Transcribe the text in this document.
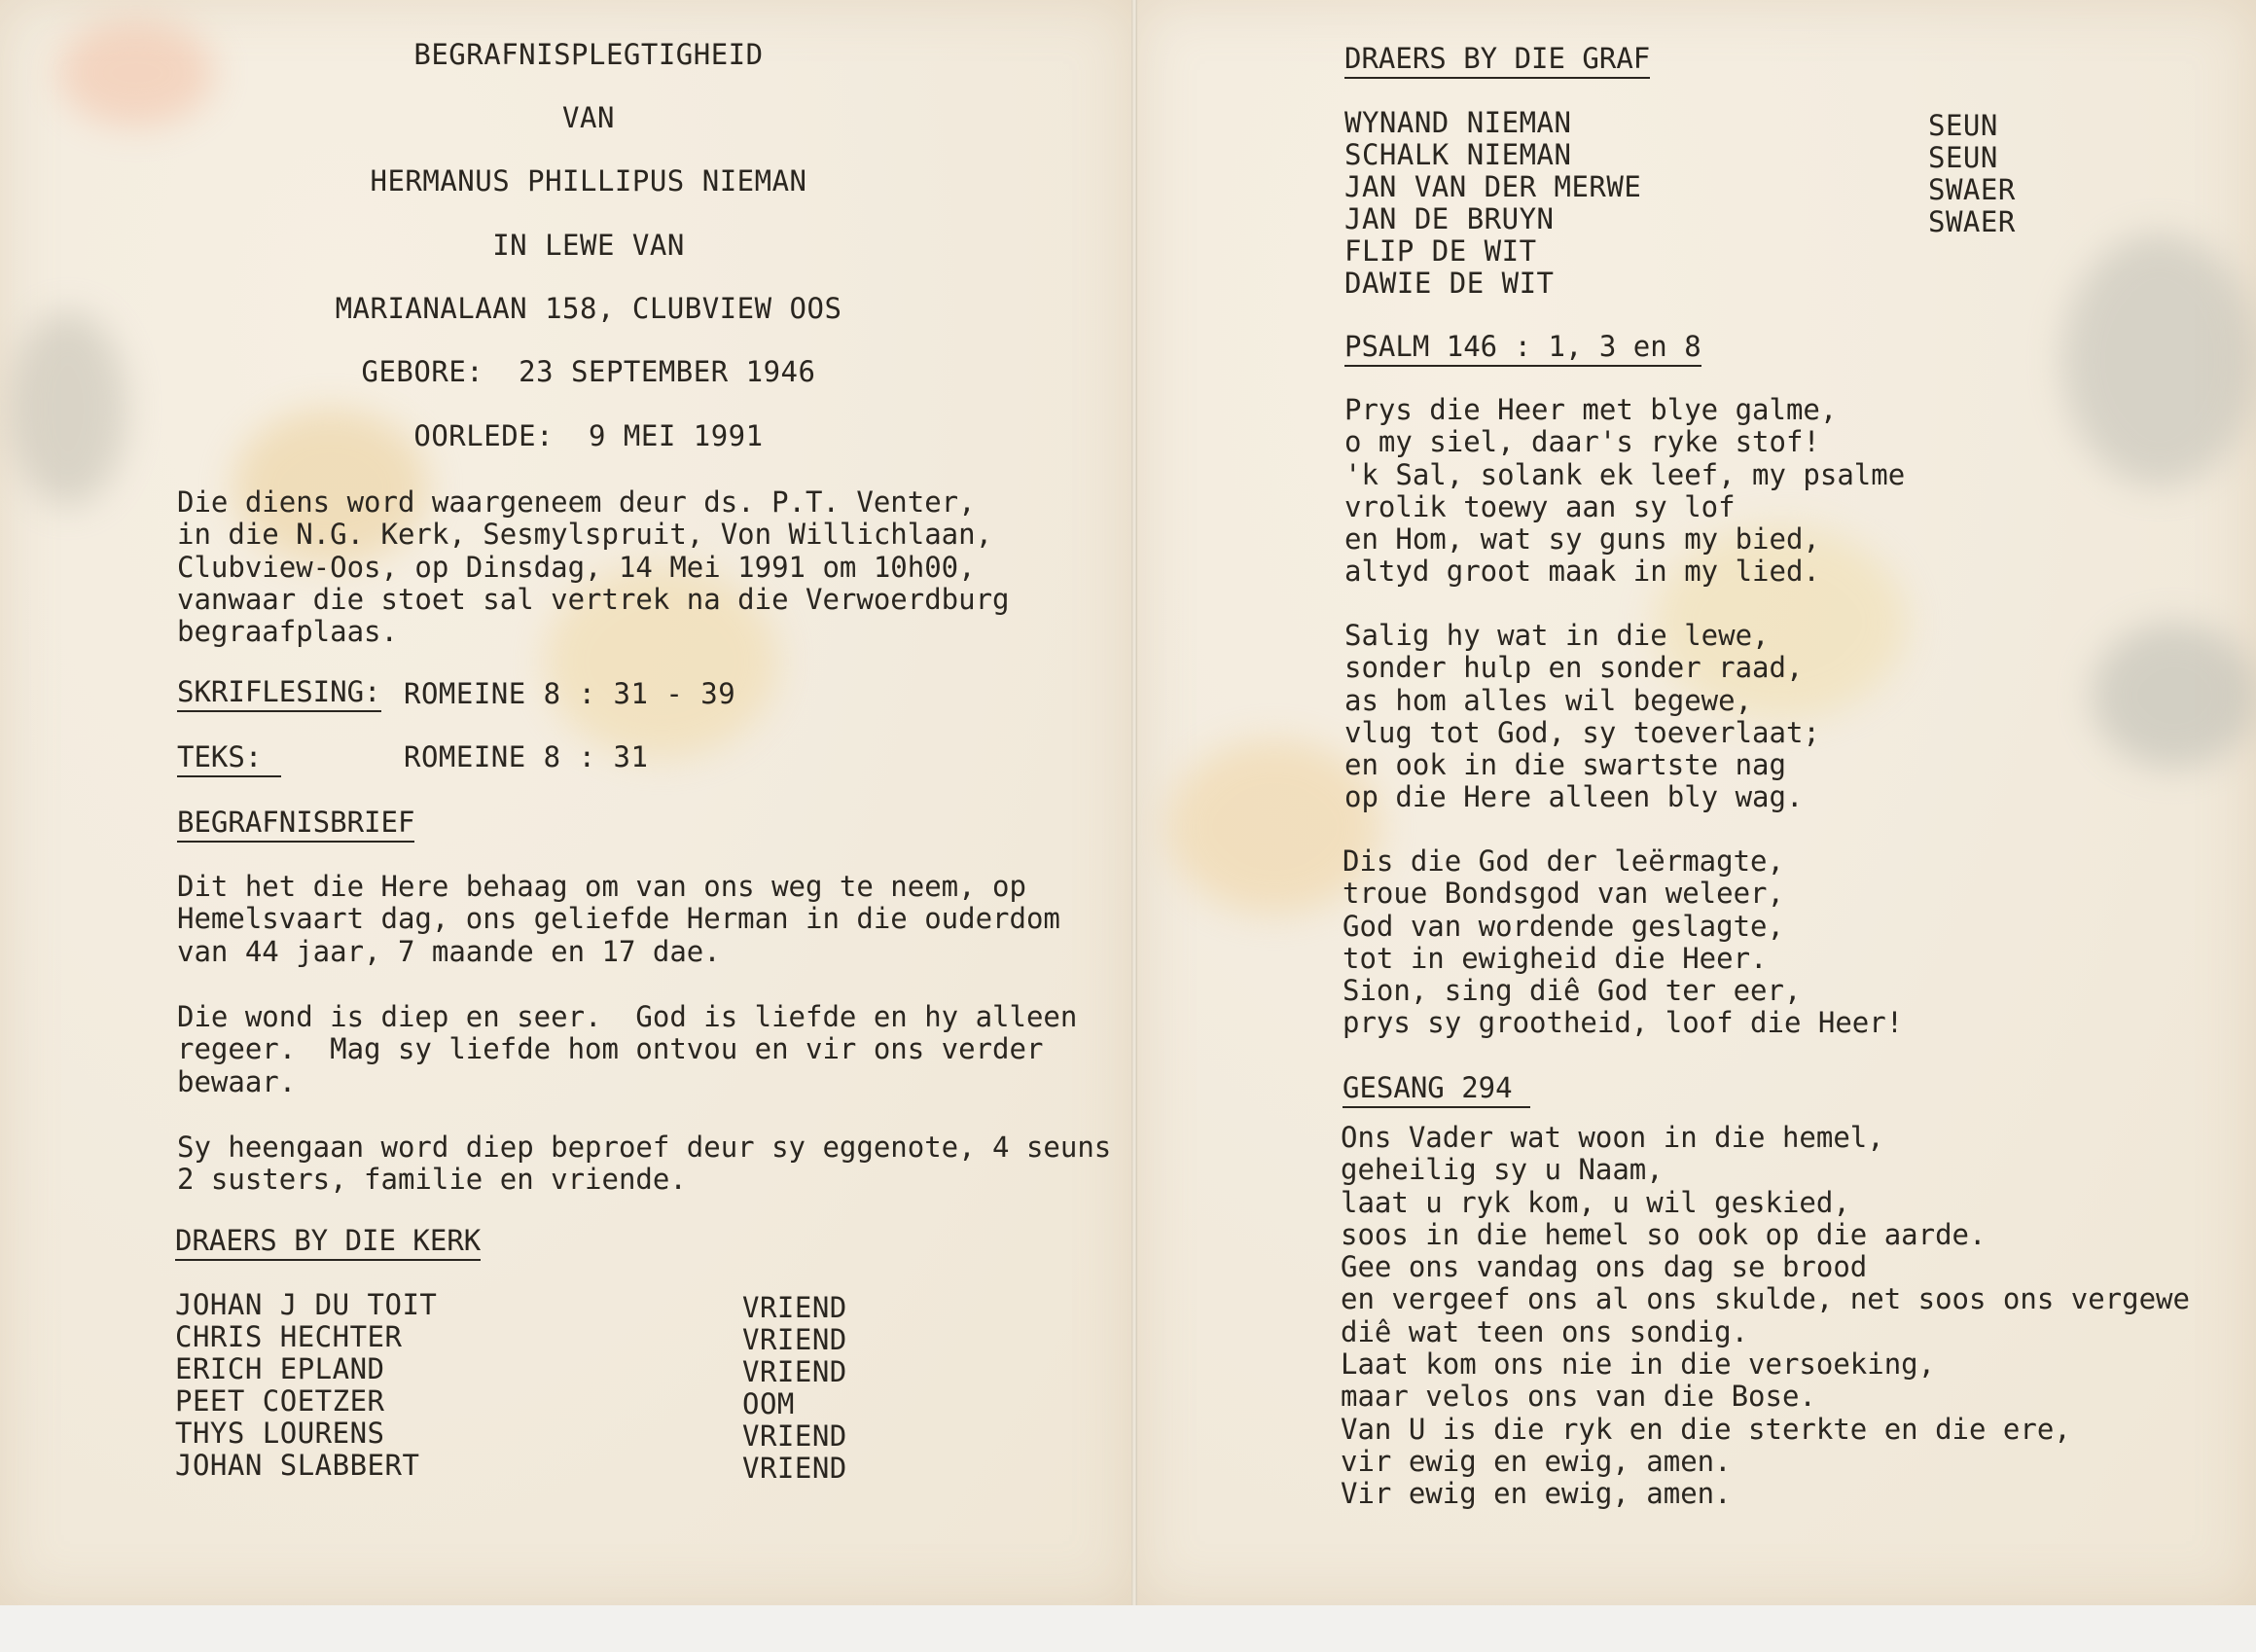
BEGRAFNISPLEGTIGHEID
VAN
HERMANUS PHILLIPUS NIEMAN
IN LEWE VAN
MARIANALAAN 158, CLUBVIEW OOS
GEBORE:  23 SEPTEMBER 1946
OORLEDE:  9 MEI 1991
Die diens word waargeneem deur ds. P.T. Venter,
in die N.G. Kerk, Sesmylspruit, Von Willichlaan,
Clubview-Oos, op Dinsdag, 14 Mei 1991 om 10h00,
vanwaar die stoet sal vertrek na die Verwoerdburg
begraafplaas.
SKRIFLESING: ROMEINE 8 : 31 - 39
TEKS:	ROMEINE 8 : 31
BEGRAFNISBRIEF
Dit het die Here behaag om van ons weg te neem, op
Hemelsvaart dag, ons geliefde Herman in die ouderdom
van 44 jaar, 7 maande en 17 dae.
Die wond is diep en seer.  God is liefde en hy alleen
regeer.  Mag sy liefde hom ontvou en vir ons verder
bewaar.
Sy heengaan word diep beproef deur sy eggenote, 4 seuns
2 susters, familie en vriende.
DRAERS BY DIE KERK
JOHAN J DU TOIT	VRIEND
CHRIS HECHTER	VRIEND
ERICH EPLAND	VRIEND
PEET COETZER	OOM
THYS LOURENS	VRIEND
JOHAN SLABBERT	VRIEND
DRAERS BY DIE GRAF
WYNAND NIEMAN	SEUN
SCHALK NIEMAN	SEUN
JAN VAN DER MERWE	SWAER
JAN DE BRUYN	SWAER
FLIP DE WIT
DAWIE DE WIT
PSALM 146 : 1, 3 en 8
Prys die Heer met blye galme,
o my siel, daar's ryke stof!
'k Sal, solank ek leef, my psalme
vrolik toewy aan sy lof
en Hom, wat sy guns my bied,
altyd groot maak in my lied.
Salig hy wat in die lewe,
sonder hulp en sonder raad,
as hom alles wil begewe,
vlug tot God, sy toeverlaat;
en ook in die swartste nag
op die Here alleen bly wag.
Dis die God der leërmagte,
troue Bondsgod van weleer,
God van wordende geslagte,
tot in ewigheid die Heer.
Sion, sing diê God ter eer,
prys sy grootheid, loof die Heer!
GESANG 294
Ons Vader wat woon in die hemel,
geheilig sy u Naam,
laat u ryk kom, u wil geskied,
soos in die hemel so ook op die aarde.
Gee ons vandag ons dag se brood
en vergeef ons al ons skulde, net soos ons vergewe
diê wat teen ons sondig.
Laat kom ons nie in die versoeking,
maar velos ons van die Bose.
Van U is die ryk en die sterkte en die ere,
vir ewig en ewig, amen.
Vir ewig en ewig, amen.
